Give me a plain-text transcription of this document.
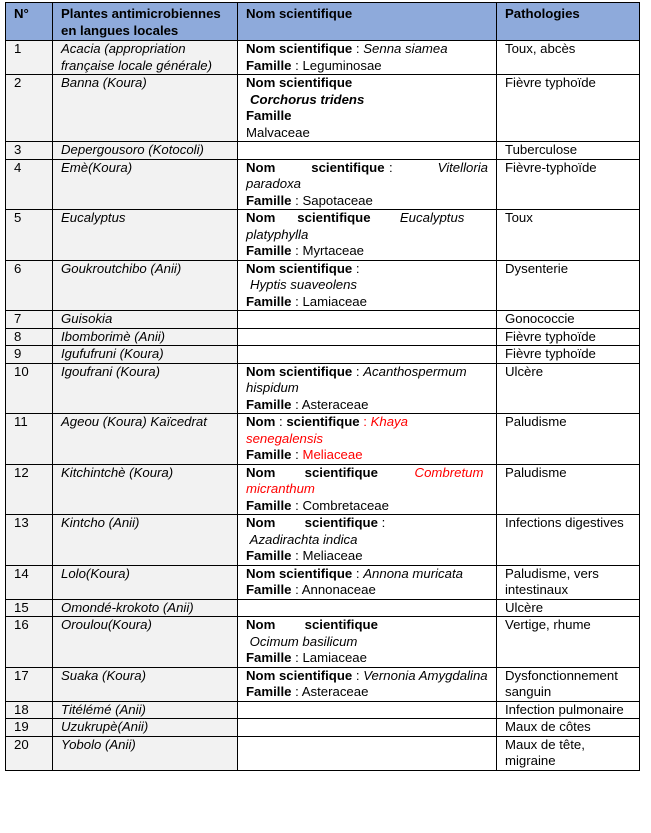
N°	Plantes antimicrobiennes en langues locales	Nom scientifique	Pathologies
1	Acacia (appropriation française locale générale)	Nom scientifique : Senna siamea
Famille : Leguminosae	Toux, abcès
2	Banna (Koura)	Nom scientifique
Corchorus tridens
Famille
Malvaceae	Fièvre typhoïde
3	Depergousoro (Kotocoli)		Tuberculose
4	Emè(Koura)	Nom scientifique : Vitelloria paradoxa
Famille : Sapotaceae	Fièvre-typhoïde
5	Eucalyptus	Nom scientifique Eucalyptus platyphylla
Famille : Myrtaceae	Toux
6	Goukroutchibo (Anii)	Nom scientifique :
Hyptis suaveolens
Famille : Lamiaceae	Dysenterie
7	Guisokia		Gonococcie
8	Ibomborimè (Anii)		Fièvre typhoïde
9	Igufufruni (Koura)		Fièvre typhoïde
10	Igoufrani (Koura)	Nom scientifique : Acanthospermum hispidum
Famille : Asteraceae	Ulcère
11	Ageou (Koura) Kaïcedrat	Nom : scientifique : Khaya senegalensis
Famille : Meliaceae	Paludisme
12	Kitchintchè (Koura)	Nom scientifique Combretum micranthum
Famille : Combretaceae	Paludisme
13	Kintcho (Anii)	Nom scientifique :          Azadirachta indica
Famille : Meliaceae	Infections digestives
14	Lolo(Koura)	Nom scientifique : Annona muricata
Famille : Annonaceae	Paludisme, vers intestinaux
15	Omondé-krokoto (Anii)		Ulcère
16	Oroulou(Koura)	Nom scientifique                  Ocimum basilicum
Famille : Lamiaceae	Vertige, rhume
17	Suaka (Koura)	Nom scientifique : Vernonia Amygdalina
Famille : Asteraceae	Dysfonctionnement sanguin
18	Titélémé (Anii)		Infection pulmonaire
19	Uzukrupè(Anii)		Maux de côtes
20	Yobolo (Anii)		Maux de tête, migraine
